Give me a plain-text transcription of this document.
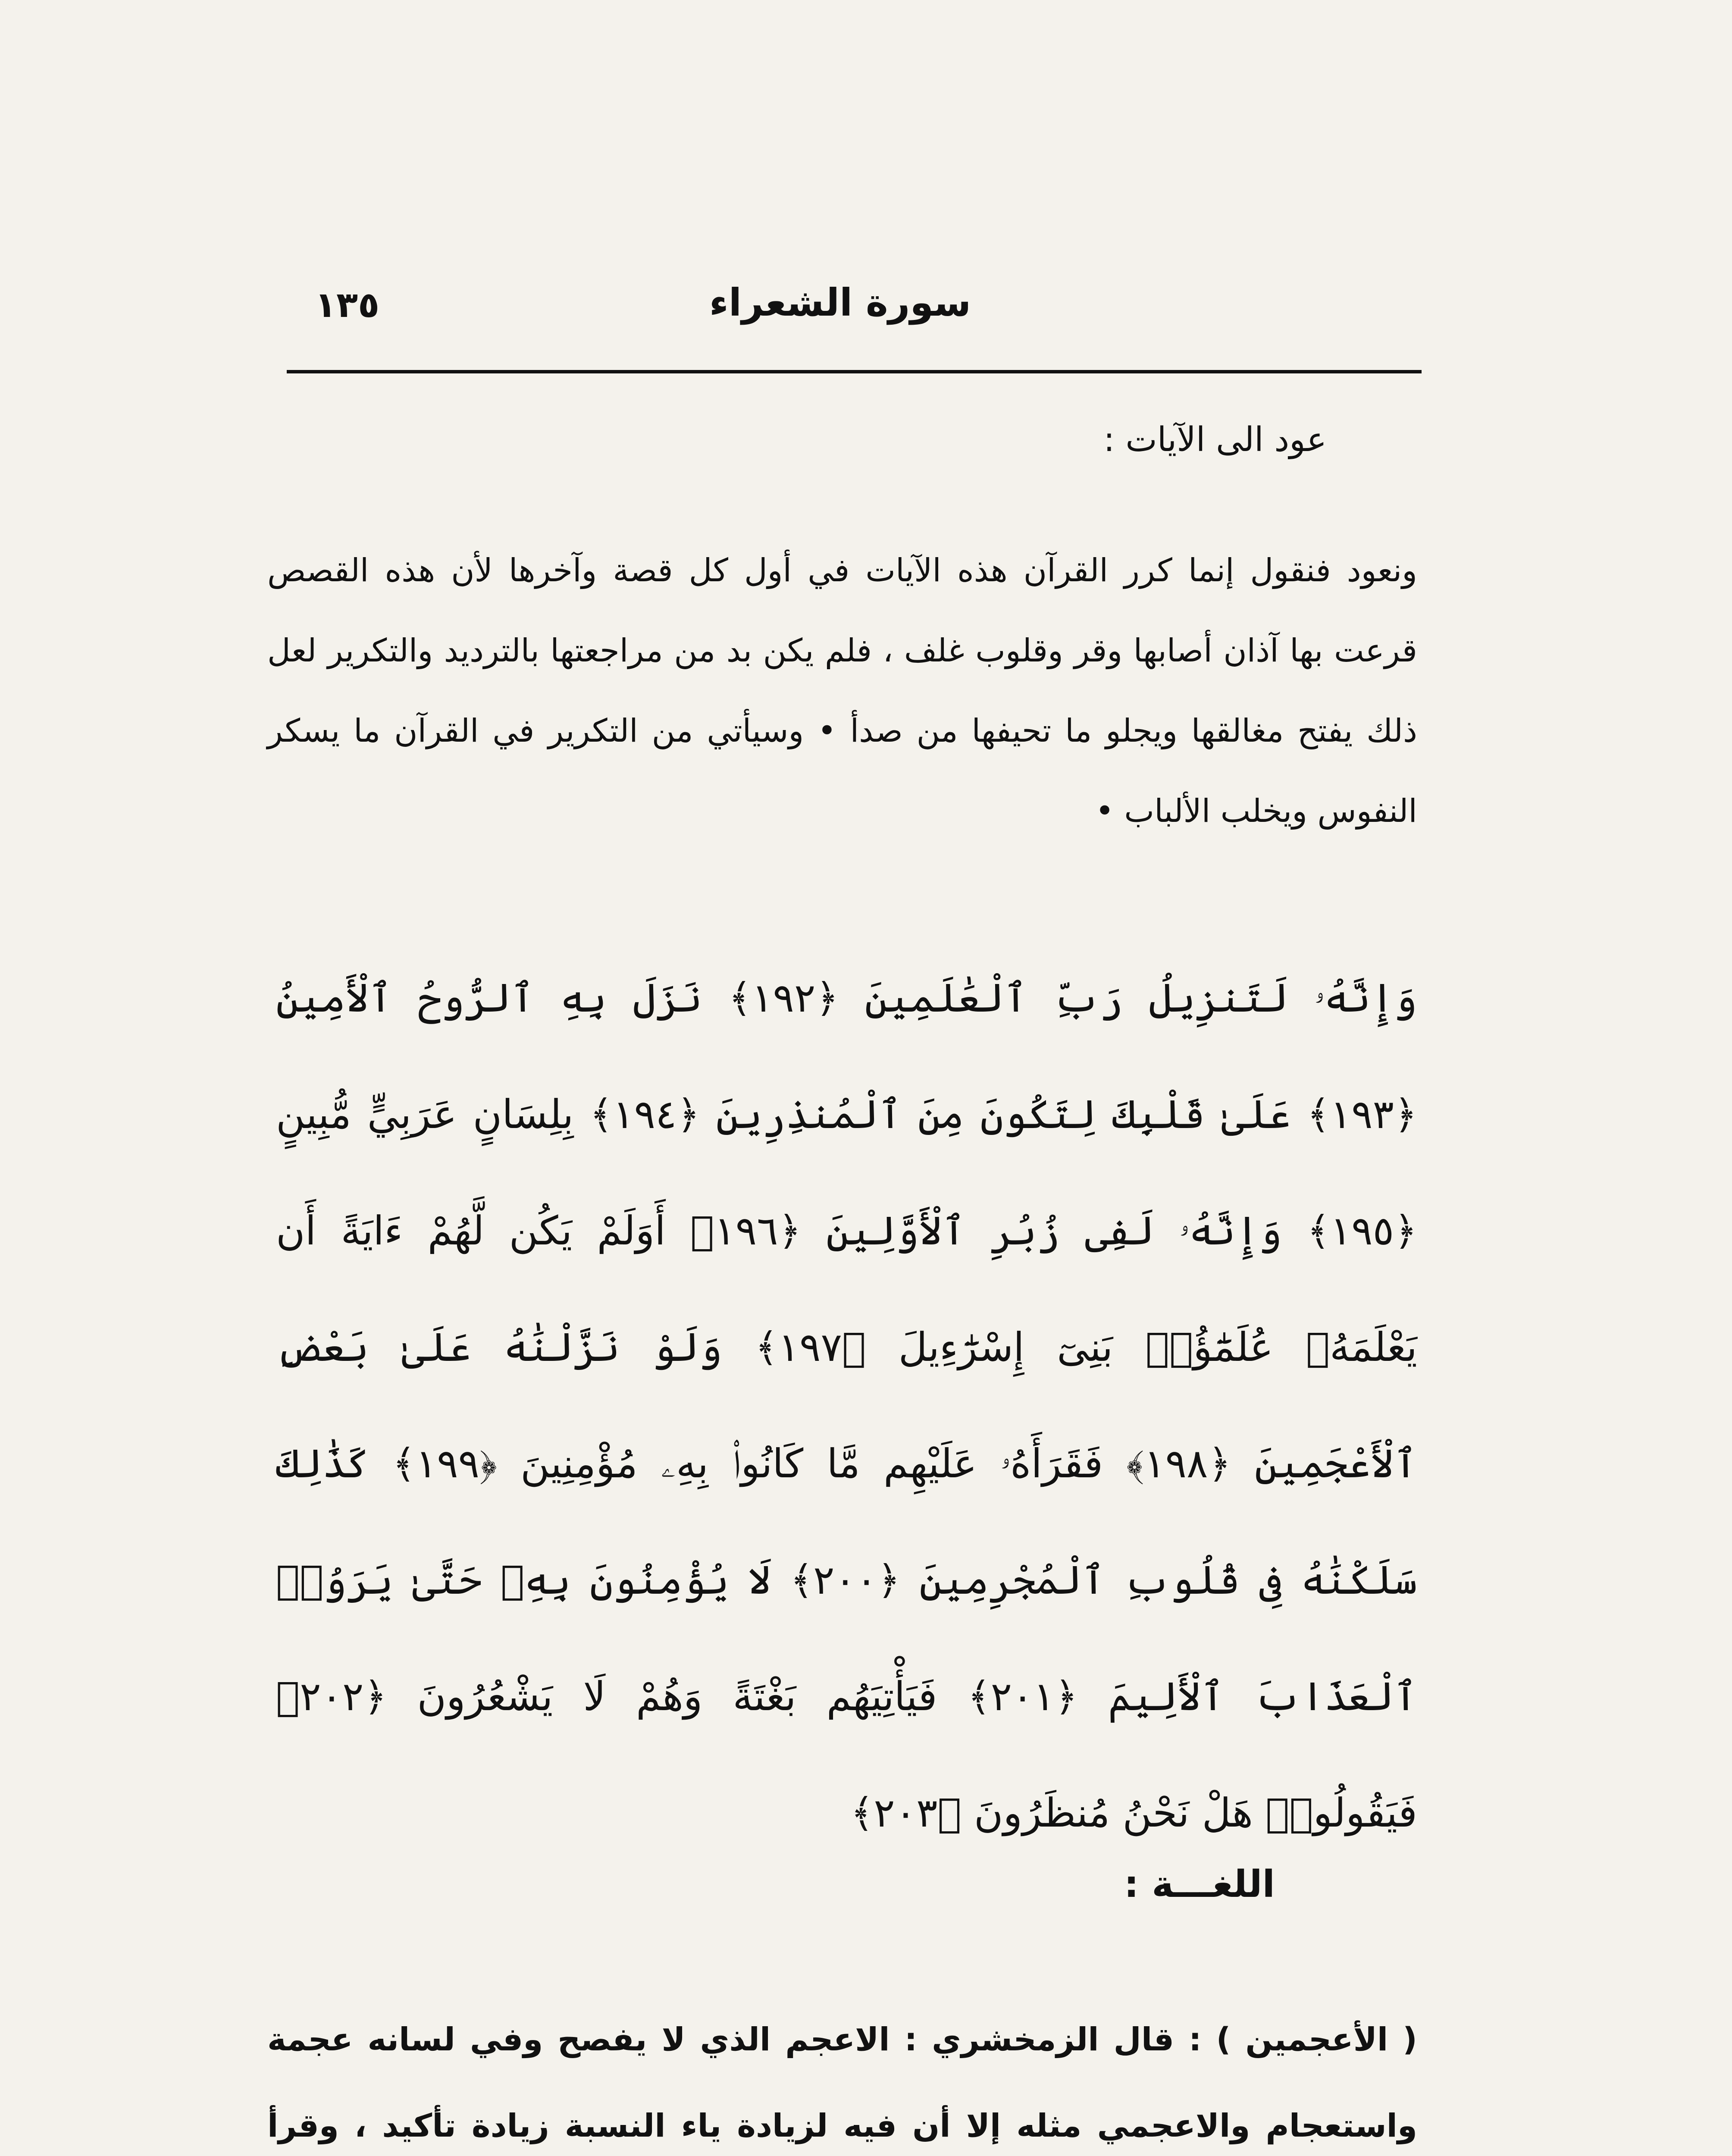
١٣٥	سورة الشعراء
عود الى الآيات :
ونعود فنقول إنما كرر القرآن هذه الآيات في أول كل قصة وآخرها لأن هذه القصص قرعت بها آذان أصابها وقر وقلوب غلف ، فلم يكن بد من مراجعتها بالترديد والتكرير لعل ذلك يفتح مغالقها ويجلو ما تحيفها من صدأ • وسيأتي من التكرير في القرآن ما يسكر النفوس ويخلب الألباب •
وَإِنَّهُۥ لَتَنزِيلُ رَبِّ ٱلْعَٰلَمِينَ ﴿١٩٢﴾ نَزَلَ بِهِ ٱلرُّوحُ ٱلْأَمِينُ ﴿١٩٣﴾ عَلَىٰ قَلْبِكَ لِتَكُونَ مِنَ ٱلْمُنذِرِينَ ﴿١٩٤﴾ بِلِسَانٍ عَرَبِيٍّ مُّبِينٍ ﴿١٩٥﴾ وَإِنَّهُۥ لَفِى زُبُرِ ٱلْأَوَّلِينَ ﴿١٩٦﴾ أَوَلَمْ يَكُن لَّهُمْ ءَايَةً أَن يَعْلَمَهُۥ عُلَمَٰٓؤُا۟ بَنِىٓ إِسْرَٰٓءِيلَ ﴿١٩٧﴾ وَلَوْ نَزَّلْنَٰهُ عَلَىٰ بَعْضِ ٱلْأَعْجَمِينَ ﴿١٩٨﴾ فَقَرَأَهُۥ عَلَيْهِم مَّا كَانُوا۟ بِهِۦ مُؤْمِنِينَ ﴿١٩٩﴾ كَذَٰلِكَ سَلَكْنَٰهُ فِى قُلُوبِ ٱلْمُجْرِمِينَ ﴿٢٠٠﴾ لَا يُؤْمِنُونَ بِهِۦ حَتَّىٰ يَرَوُا۟ ٱلْعَذَابَ ٱلْأَلِيمَ ﴿٢٠١﴾ فَيَأْتِيَهُم بَغْتَةً وَهُمْ لَا يَشْعُرُونَ ﴿٢٠٢﴾ فَيَقُولُوا۟ هَلْ نَحْنُ مُنظَرُونَ ﴿٢٠٣﴾
اللغـــة :
( الأعجمين ) : قال الزمخشري : الاعجم الذي لا يفصح وفي لسانه عجمة واستعجام والاعجمي مثله إلا أن فيه لزيادة ياء النسبة زيادة تأكيد ، وقرأ
